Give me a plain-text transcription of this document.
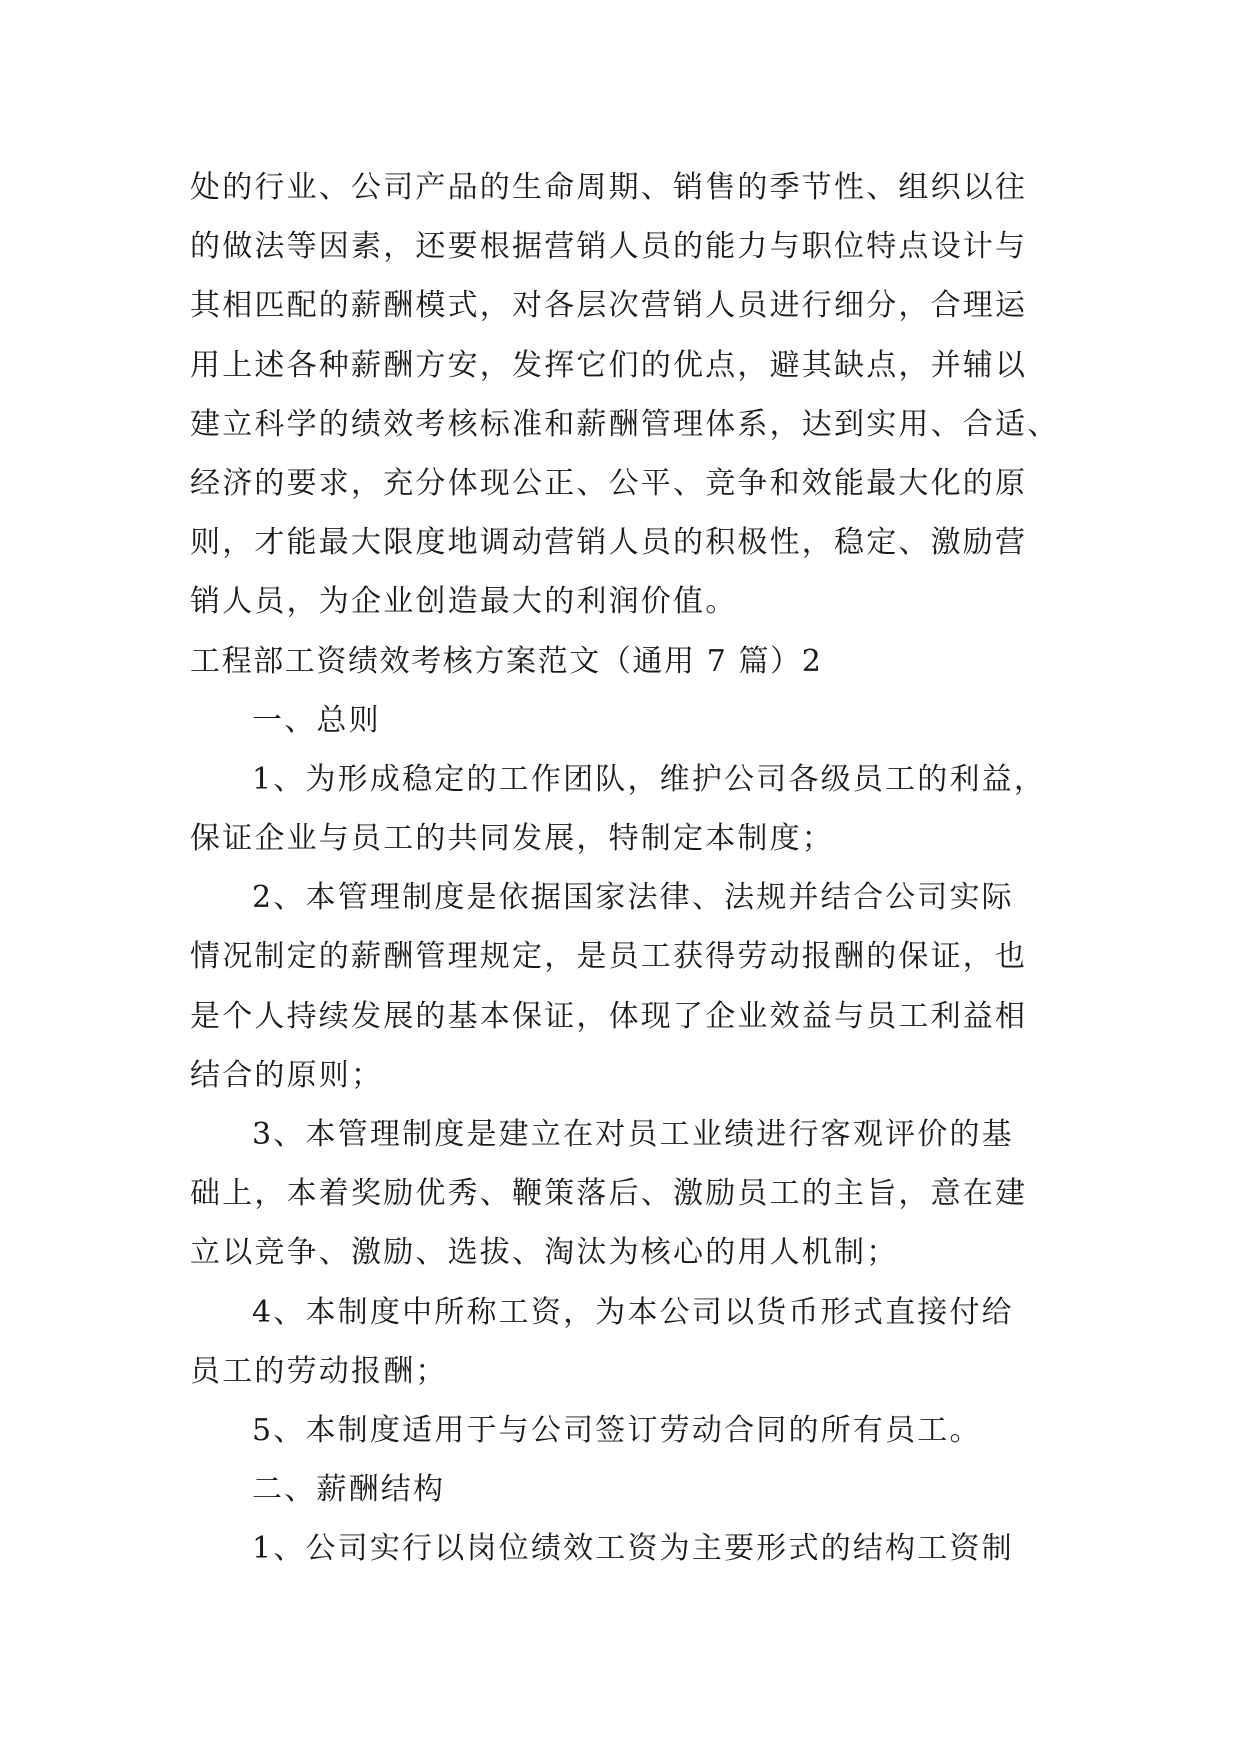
处的行业、公司产品的生命周期、销售的季节性、组织以往
的做法等因素，还要根据营销人员的能力与职位特点设计与
其相匹配的薪酬模式，对各层次营销人员进行细分，合理运
用上述各种薪酬方安，发挥它们的优点，避其缺点，并辅以
建立科学的绩效考核标准和薪酬管理体系，达到实用、合适、
经济的要求，充分体现公正、公平、竞争和效能最大化的原
则，才能最大限度地调动营销人员的积极性，稳定、激励营
销人员，为企业创造最大的利润价值。
工程部工资绩效考核方案范文（通用 7 篇）2
一、总则
1、为形成稳定的工作团队，维护公司各级员工的利益，
保证企业与员工的共同发展，特制定本制度；
2、本管理制度是依据国家法律、法规并结合公司实际
情况制定的薪酬管理规定，是员工获得劳动报酬的保证，也
是个人持续发展的基本保证，体现了企业效益与员工利益相
结合的原则；
3、本管理制度是建立在对员工业绩进行客观评价的基
础上，本着奖励优秀、鞭策落后、激励员工的主旨，意在建
立以竞争、激励、选拔、淘汰为核心的用人机制；
4、本制度中所称工资，为本公司以货币形式直接付给
员工的劳动报酬；
5、本制度适用于与公司签订劳动合同的所有员工。
二、薪酬结构
1、公司实行以岗位绩效工资为主要形式的结构工资制
